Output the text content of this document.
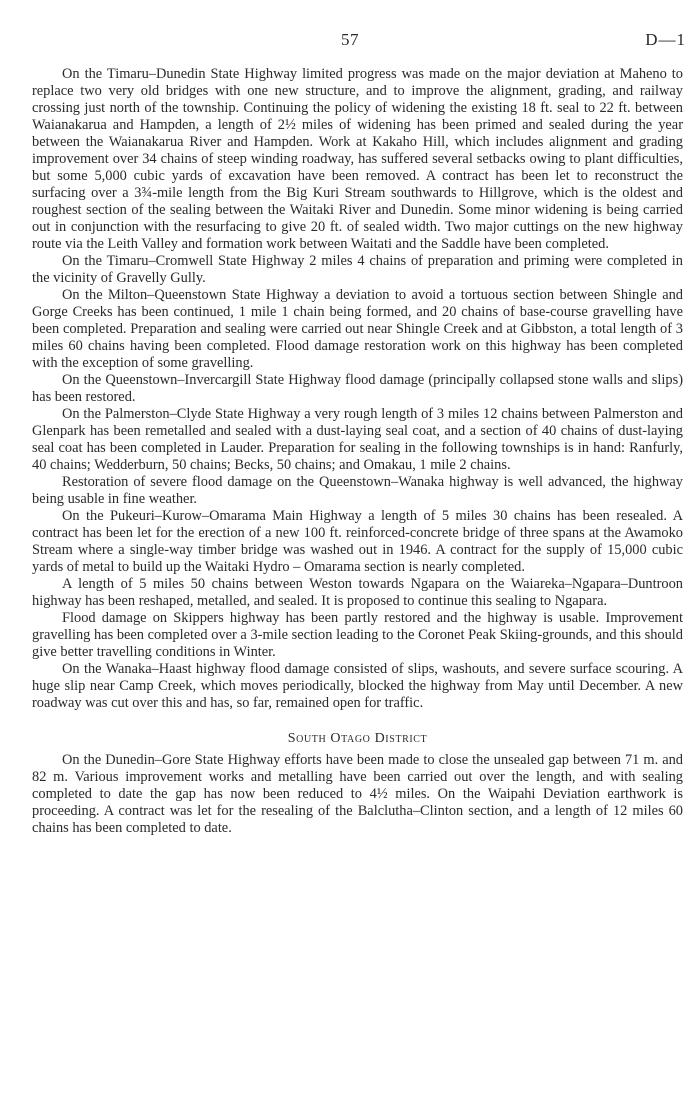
57	D—1

On the Timaru–Dunedin State Highway limited progress was made on the major deviation at Maheno to replace two very old bridges with one new structure, and to improve the alignment, grading, and railway crossing just north of the township. Continuing the policy of widening the existing 18 ft. seal to 22 ft. between Waianakarua and Hampden, a length of 2½ miles of widening has been primed and sealed during the year between the Waianakarua River and Hampden. Work at Kakaho Hill, which includes alignment and grading improvement over 34 chains of steep winding roadway, has suffered several setbacks owing to plant difficulties, but some 5,000 cubic yards of excavation have been removed. A contract has been let to reconstruct the surfacing over a 3¾-mile length from the Big Kuri Stream southwards to Hillgrove, which is the oldest and roughest section of the sealing between the Waitaki River and Dunedin. Some minor widening is being carried out in conjunction with the resurfacing to give 20 ft. of sealed width. Two major cuttings on the new highway route via the Leith Valley and formation work between Waitati and the Saddle have been completed.

On the Timaru–Cromwell State Highway 2 miles 4 chains of preparation and priming were completed in the vicinity of Gravelly Gully.

On the Milton–Queenstown State Highway a deviation to avoid a tortuous section between Shingle and Gorge Creeks has been continued, 1 mile 1 chain being formed, and 20 chains of base-course gravelling have been completed. Preparation and sealing were carried out near Shingle Creek and at Gibbston, a total length of 3 miles 60 chains having been completed. Flood damage restoration work on this highway has been completed with the exception of some gravelling.

On the Queenstown–Invercargill State Highway flood damage (principally collapsed stone walls and slips) has been restored.

On the Palmerston–Clyde State Highway a very rough length of 3 miles 12 chains between Palmerston and Glenpark has been remetalled and sealed with a dust-laying seal coat, and a section of 40 chains of dust-laying seal coat has been completed in Lauder. Preparation for sealing in the following townships is in hand: Ranfurly, 40 chains; Wedderburn, 50 chains; Becks, 50 chains; and Omakau, 1 mile 2 chains.

Restoration of severe flood damage on the Queenstown–Wanaka highway is well advanced, the highway being usable in fine weather.

On the Pukeuri–Kurow–Omarama Main Highway a length of 5 miles 30 chains has been resealed. A contract has been let for the erection of a new 100 ft. reinforced-concrete bridge of three spans at the Awamoko Stream where a single-way timber bridge was washed out in 1946. A contract for the supply of 15,000 cubic yards of metal to build up the Waitaki Hydro – Omarama section is nearly completed.

A length of 5 miles 50 chains between Weston towards Ngapara on the Waiareka–Ngapara–Duntroon highway has been reshaped, metalled, and sealed. It is proposed to continue this sealing to Ngapara.

Flood damage on Skippers highway has been partly restored and the highway is usable. Improvement gravelling has been completed over a 3-mile section leading to the Coronet Peak Skiing-grounds, and this should give better travelling conditions in Winter.

On the Wanaka–Haast highway flood damage consisted of slips, washouts, and severe surface scouring. A huge slip near Camp Creek, which moves periodically, blocked the highway from May until December. A new roadway was cut over this and has, so far, remained open for traffic.

South Otago District

On the Dunedin–Gore State Highway efforts have been made to close the unsealed gap between 71 m. and 82 m. Various improvement works and metalling have been carried out over the length, and with sealing completed to date the gap has now been reduced to 4½ miles. On the Waipahi Deviation earthwork is proceeding. A contract was let for the resealing of the Balclutha–Clinton section, and a length of 12 miles 60 chains has been completed to date.
